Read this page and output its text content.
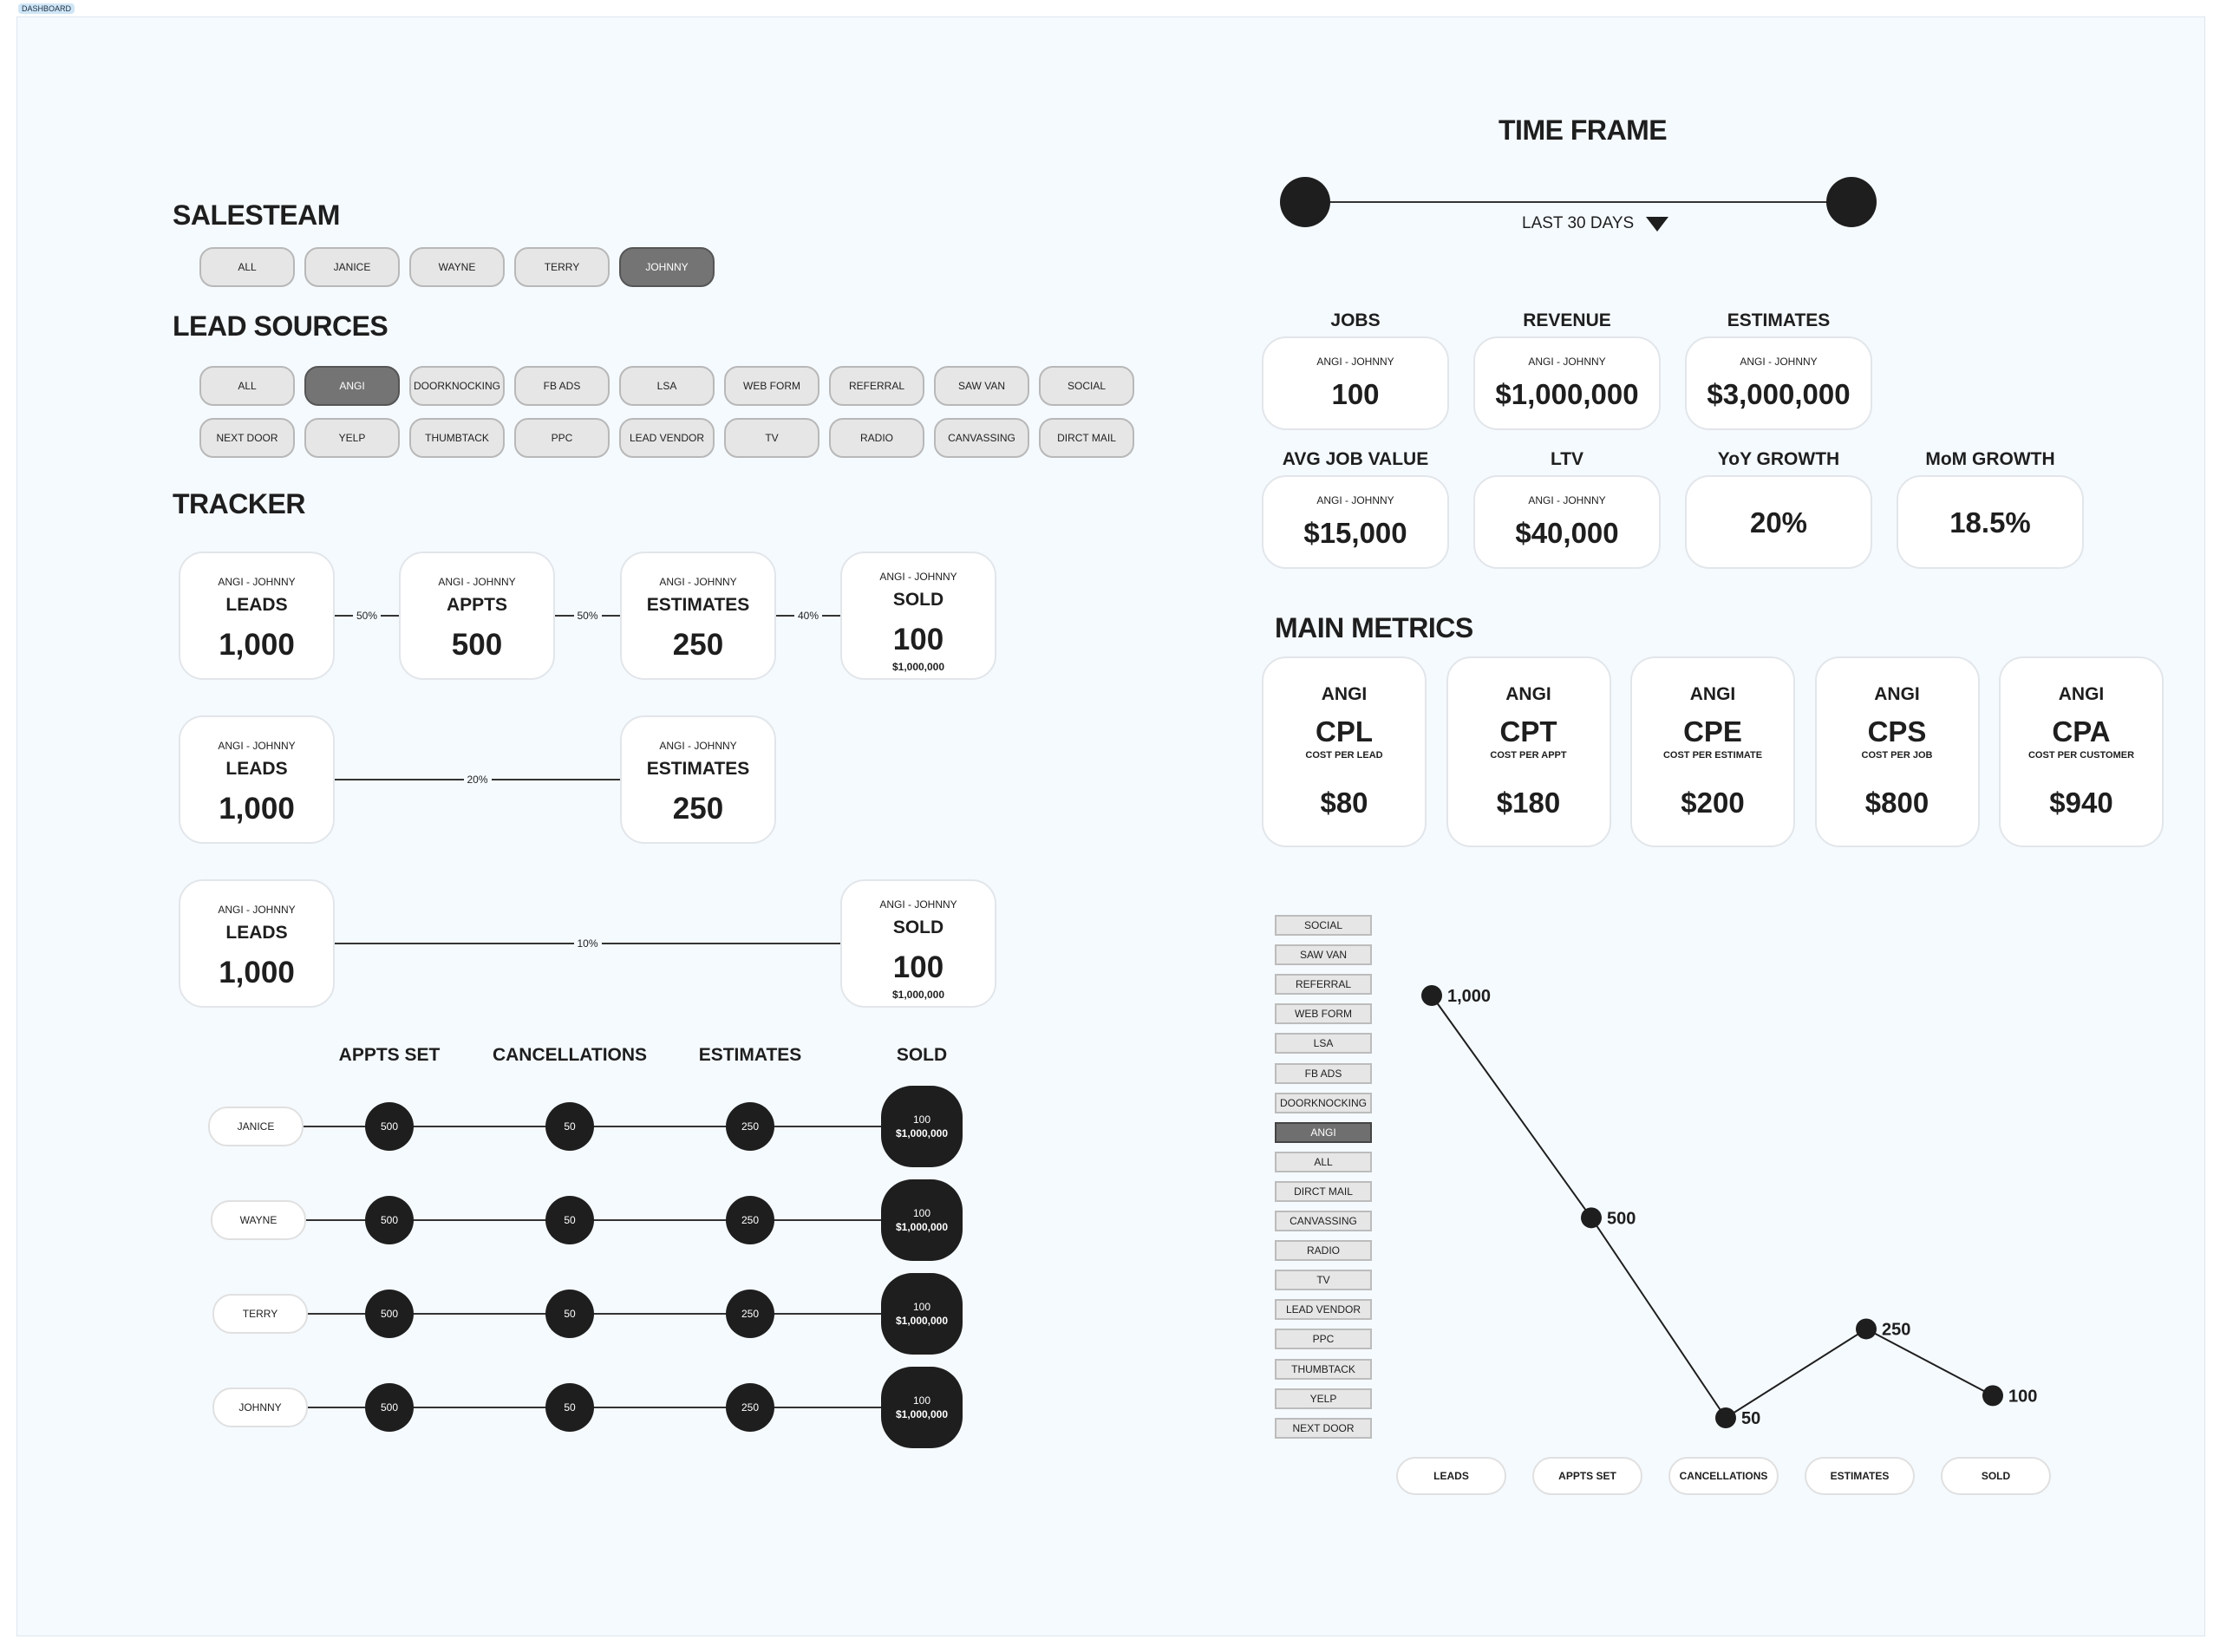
DASHBOARD
SALESTEAM
ALL	JANICE	WAYNE	TERRY	JOHNNY
LEAD SOURCES
ALL	ANGI	DOORKNOCKING	FB ADS	LSA	WEB FORM	REFERRAL	SAW VAN	SOCIAL
NEXT DOOR	YELP	THUMBTACK	PPC	LEAD VENDOR	TV	RADIO	CANVASSING	DIRCT MAIL
TRACKER
ANGI - JOHNNY
LEADS
1,000
ANGI - JOHNNY
APPTS
500
ANGI - JOHNNY
ESTIMATES
250
ANGI - JOHNNY
SOLD
100
$1,000,000
50%	50%	40%
ANGI - JOHNNY
LEADS
1,000
ANGI - JOHNNY
ESTIMATES
250
20%
ANGI - JOHNNY
LEADS
1,000
ANGI - JOHNNY
SOLD
100
$1,000,000
10%
APPTS SET	CANCELLATIONS	ESTIMATES	SOLD
JANICE	500	50	250
100
$1,000,000
WAYNE	500	50	250
100
$1,000,000
TERRY	500	50	250
100
$1,000,000
JOHNNY	500	50	250
100
$1,000,000
TIME FRAME
LAST 30 DAYS
JOBS
ANGI - JOHNNY
100
REVENUE
ANGI - JOHNNY
$1,000,000
ESTIMATES
ANGI - JOHNNY
$3,000,000
AVG JOB VALUE
ANGI - JOHNNY
$15,000
LTV
ANGI - JOHNNY
$40,000
YoY GROWTH
20%
MoM GROWTH
18.5%
MAIN METRICS
ANGI
CPL
COST PER LEAD
$80
ANGI
CPT
COST PER APPT
$180
ANGI
CPE
COST PER ESTIMATE
$200
ANGI
CPS
COST PER JOB
$800
ANGI
CPA
COST PER CUSTOMER
$940
SOCIAL
SAW VAN
REFERRAL
WEB FORM
LSA
FB ADS
DOORKNOCKING
ANGI
ALL
DIRCT MAIL
CANVASSING
RADIO
TV
LEAD VENDOR
PPC
THUMBTACK
YELP
NEXT DOOR
1,000
500
50
250
100
LEADS	APPTS SET	CANCELLATIONS	ESTIMATES	SOLD
